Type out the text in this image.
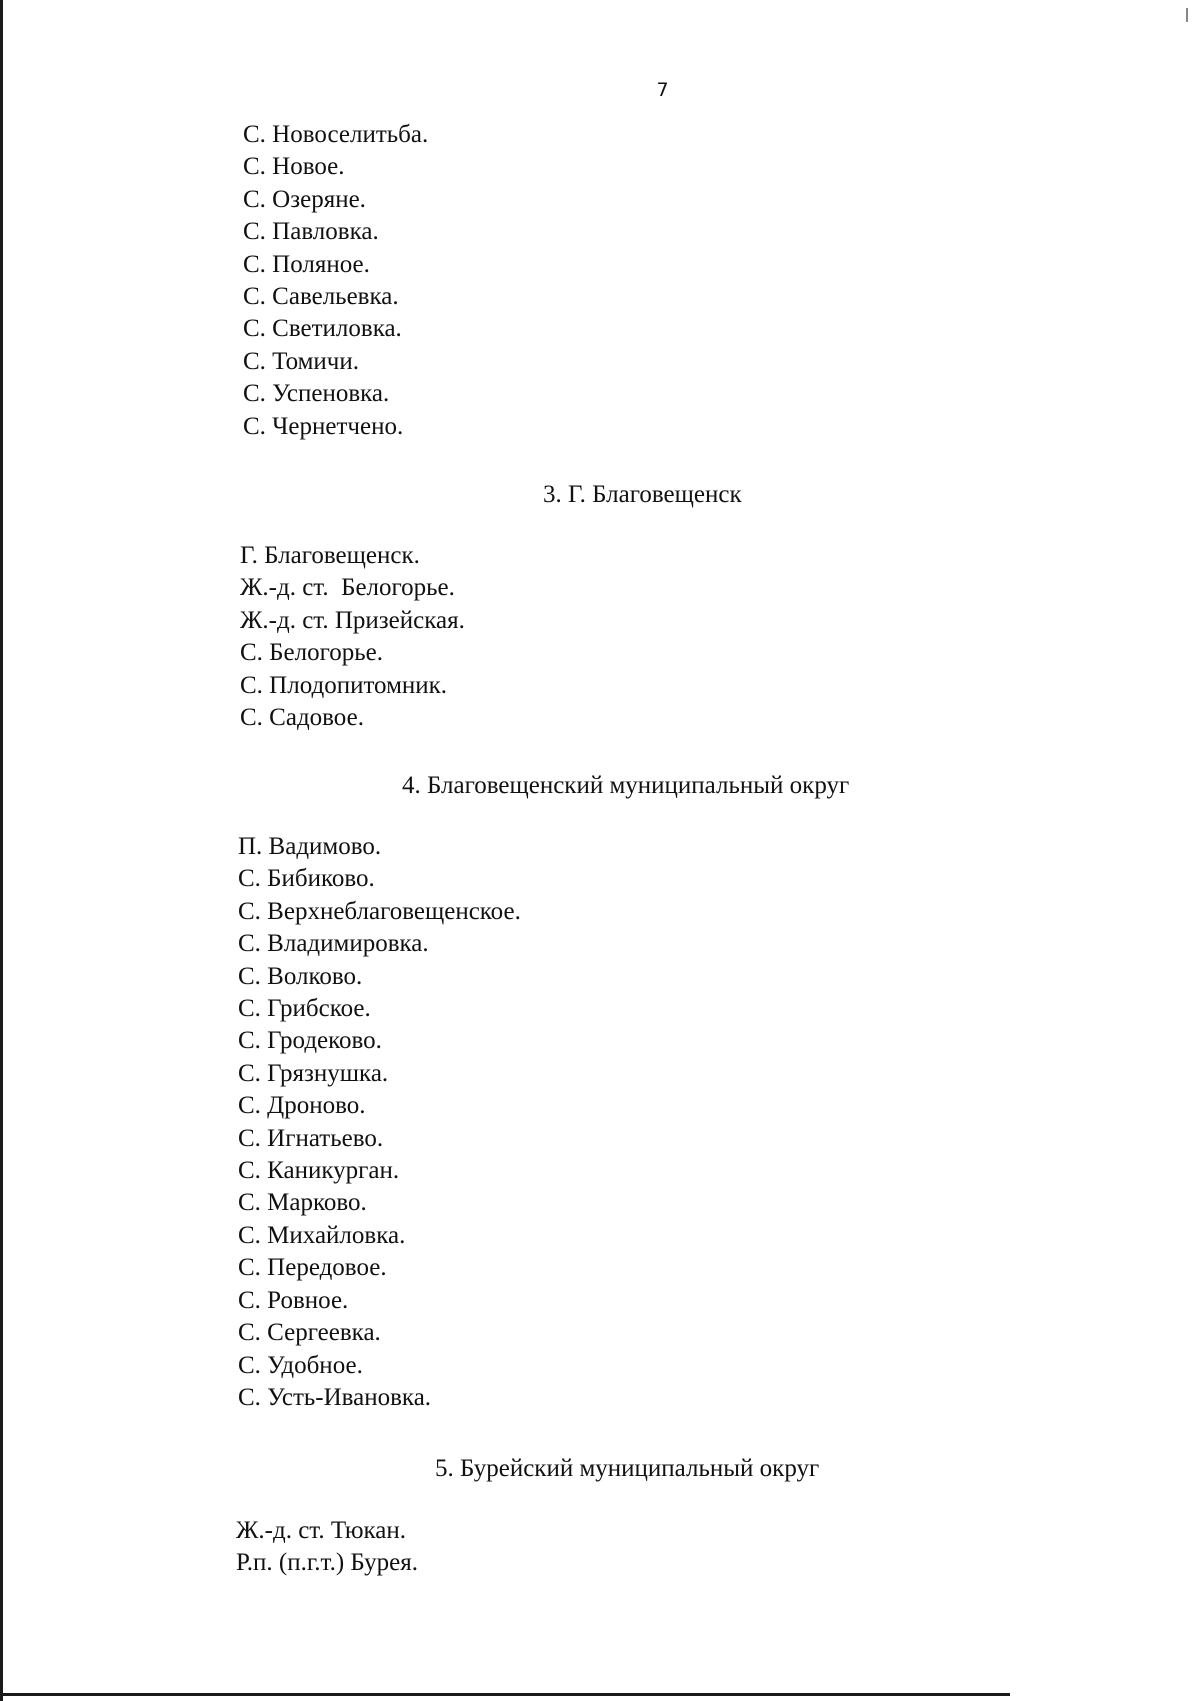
7
С. Новоселитьба.
С. Новое.
С. Озеряне.
С. Павловка.
С. Поляное.
С. Савельевка.
С. Светиловка.
С. Томичи.
С. Успеновка.
С. Чернетчено.
3. Г. Благовещенск
Г. Благовещенск.
Ж.-д. ст.  Белогорье.
Ж.-д. ст. Призейская.
С. Белогорье.
С. Плодопитомник.
С. Садовое.
4. Благовещенский муниципальный округ
П. Вадимово.
С. Бибиково.
С. Верхнеблаговещенское.
С. Владимировка.
С. Волково.
С. Грибское.
С. Гродеково.
С. Грязнушка.
С. Дроново.
С. Игнатьево.
С. Каникурган.
С. Марково.
С. Михайловка.
С. Передовое.
С. Ровное.
С. Сергеевка.
С. Удобное.
С. Усть-Ивановка.
5. Бурейский муниципальный округ
Ж.-д. ст. Тюкан.
Р.п. (п.г.т.) Бурея.
